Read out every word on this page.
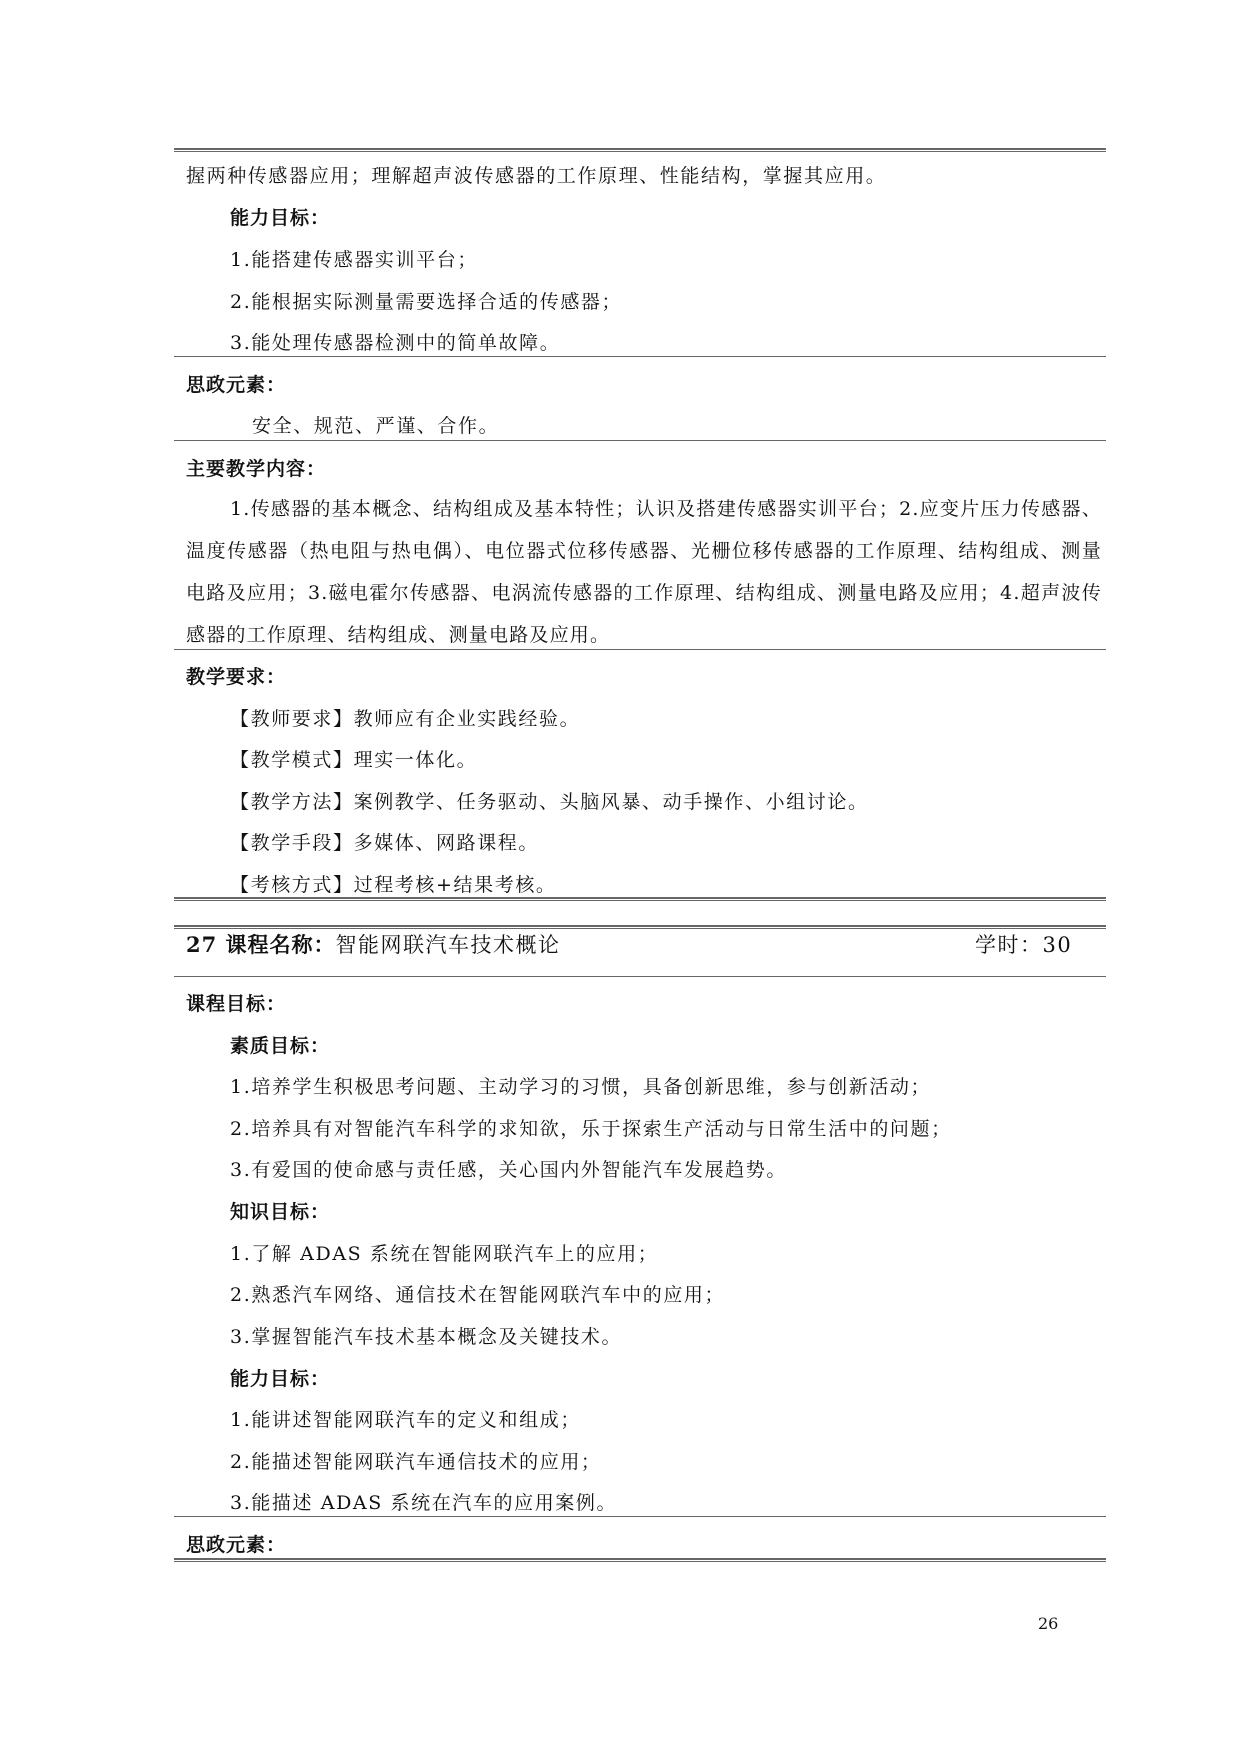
握两种传感器应用；理解超声波传感器的工作原理、性能结构，掌握其应用。
能力目标：
1.能搭建传感器实训平台；
2.能根据实际测量需要选择合适的传感器；
3.能处理传感器检测中的简单故障。
思政元素：
安全、规范、严谨、合作。
主要教学内容：
1.传感器的基本概念、结构组成及基本特性；认识及搭建传感器实训平台；2.应变片压力传感器、温度传感器（热电阻与热电偶）、电位器式位移传感器、光栅位移传感器的工作原理、结构组成、测量电路及应用；3.磁电霍尔传感器、电涡流传感器的工作原理、结构组成、测量电路及应用；4.超声波传感器的工作原理、结构组成、测量电路及应用。
教学要求：
【教师要求】教师应有企业实践经验。
【教学模式】理实一体化。
【教学方法】案例教学、任务驱动、头脑风暴、动手操作、小组讨论。
【教学手段】多媒体、网路课程。
【考核方式】过程考核+结果考核。
27 课程名称：智能网联汽车技术概论	学时：30
课程目标：
素质目标：
1.培养学生积极思考问题、主动学习的习惯，具备创新思维，参与创新活动；
2.培养具有对智能汽车科学的求知欲，乐于探索生产活动与日常生活中的问题；
3.有爱国的使命感与责任感，关心国内外智能汽车发展趋势。
知识目标：
1.了解 ADAS 系统在智能网联汽车上的应用；
2.熟悉汽车网络、通信技术在智能网联汽车中的应用；
3.掌握智能汽车技术基本概念及关键技术。
能力目标：
1.能讲述智能网联汽车的定义和组成；
2.能描述智能网联汽车通信技术的应用；
3.能描述 ADAS 系统在汽车的应用案例。
思政元素：
26
